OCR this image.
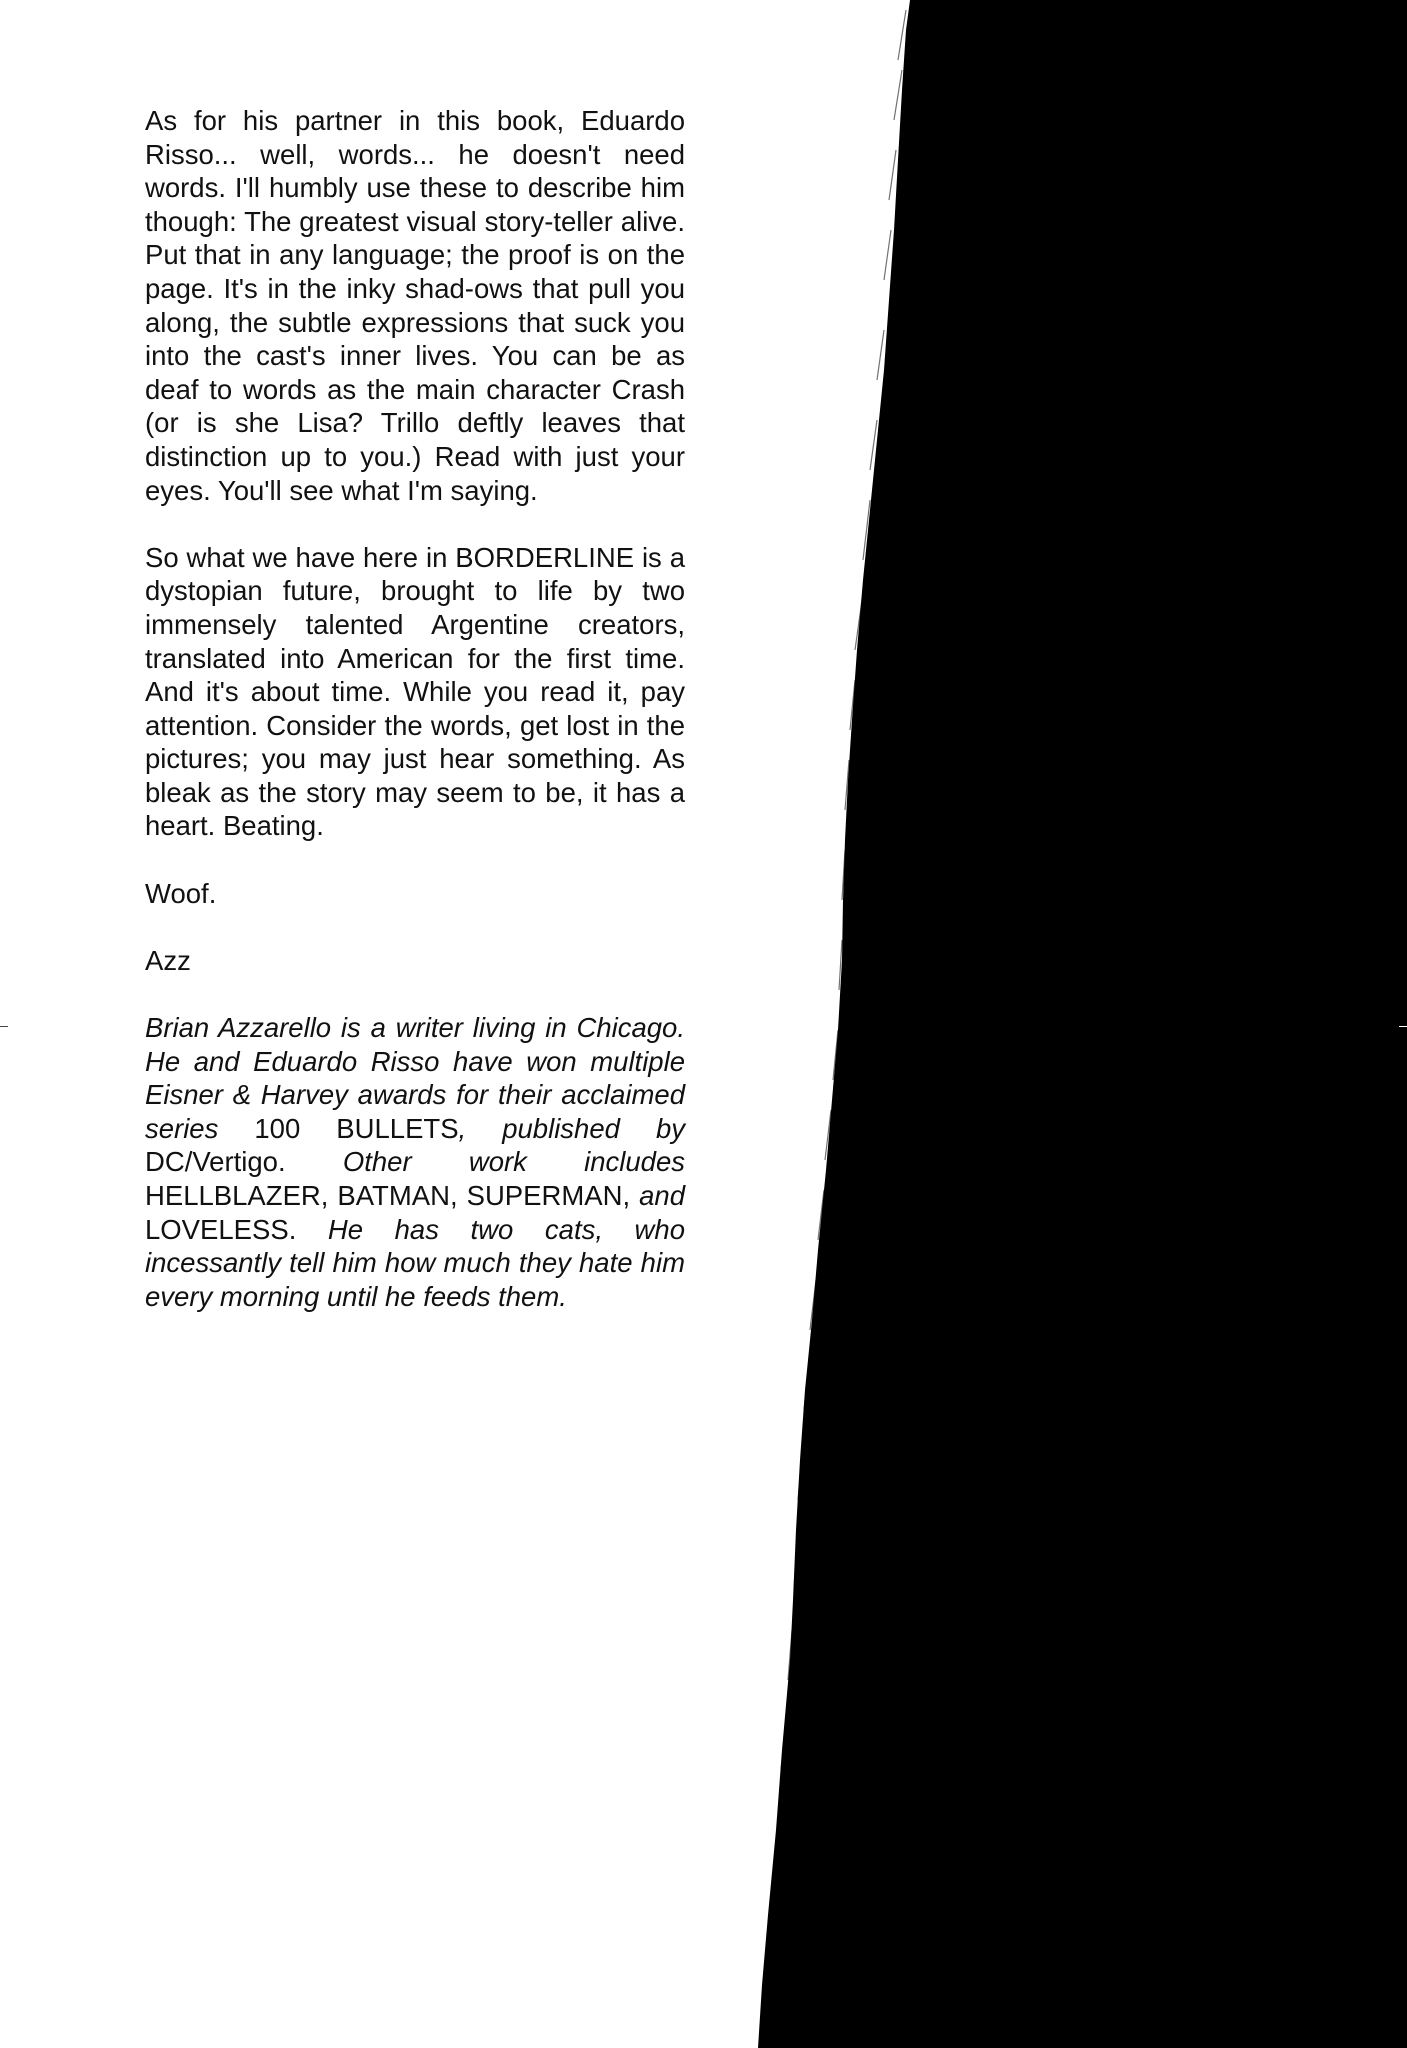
As for his partner in this book, Eduardo Risso... well, words... he doesn't need words. I'll humbly use these to describe him though: The greatest visual story-teller alive. Put that in any language; the proof is on the page. It's in the inky shad-ows that pull you along, the subtle expressions that suck you into the cast's inner lives. You can be as deaf to words as the main character Crash (or is she Lisa? Trillo deftly leaves that distinction up to you.) Read with just your eyes. You'll see what I'm saying.

So what we have here in BORDERLINE is a dystopian future, brought to life by two immensely talented Argentine creators, translated into American for the first time. And it's about time. While you read it, pay attention. Consider the words, get lost in the pictures; you may just hear something. As bleak as the story may seem to be, it has a heart. Beating.

Woof.

Azz

Brian Azzarello is a writer living in Chicago. He and Eduardo Risso have won multiple Eisner & Harvey awards for their acclaimed series 100 BULLETS, published by DC/Vertigo. Other work includes HELLBLAZER, BATMAN, SUPERMAN, and LOVELESS. He has two cats, who incessantly tell him how much they hate him every morning until he feeds them.
